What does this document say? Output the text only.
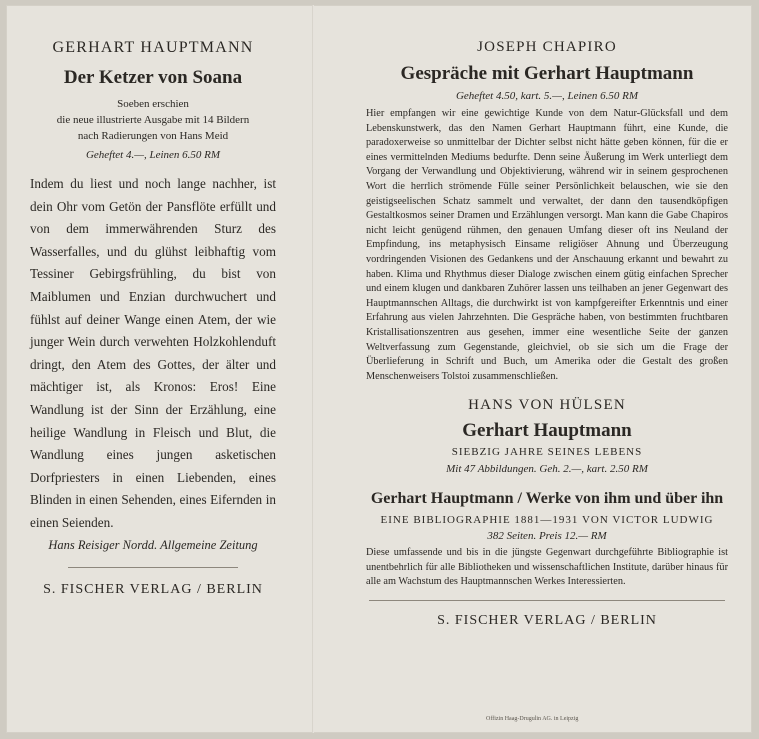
GERHART HAUPTMANN
Der Ketzer von Soana
Soeben erschien
die neue illustrierte Ausgabe mit 14 Bildern
nach Radierungen von Hans Meid
Geheftet 4.—, Leinen 6.50 RM
Indem du liest und noch lange nachher, ist dein Ohr vom Getön der Pansflöte erfüllt und von dem immerwährenden Sturz des Wasserfalles, und du glühst leibhaftig vom Tessiner Gebirgsfrühling, du bist von Maiblumen und Enzian durchwuchert und fühlst auf deiner Wange einen Atem, der wie junger Wein durch verwehten Holzkohlenduft dringt, den Atem des Gottes, der älter und mächtiger ist, als Kronos: Eros! Eine Wandlung ist der Sinn der Erzählung, eine heilige Wandlung in Fleisch und Blut, die Wandlung eines jungen asketischen Dorfpriesters in einen Liebenden, eines Blinden in einen Sehenden, eines Eifernden in einen Seienden.
Hans Reisiger Nordd. Allgemeine Zeitung
S. FISCHER VERLAG / BERLIN
JOSEPH CHAPIRO
Gespräche mit Gerhart Hauptmann
Geheftet 4.50, kart. 5.—, Leinen 6.50 RM
Hier empfangen wir eine gewichtige Kunde von dem Natur-Glücksfall und dem Lebenskunstwerk, das den Namen Gerhart Hauptmann führt, eine Kunde, die paradoxerweise so unmittelbar der Dichter selbst nicht hätte geben können, für die er eines vermittelnden Mediums bedurfte. Denn seine Äußerung im Werk unterliegt dem Vorgang der Verwandlung und Objektivierung, während wir in seinem gesprochenen Wort die herrlich strömende Fülle seiner Persönlichkeit belauschen, wie sie den geistigseelischen Schatz sammelt und verwaltet, der dann den tausendköpfigen Gestaltkosmos seiner Dramen und Erzählungen versorgt. Man kann die Gabe Chapiros nicht leicht genügend rühmen, den genauen Umfang dieser oft ins Neuland der Empfindung, ins metaphysisch Einsame religiöser Ahnung und Überzeugung vordringenden Visionen des Gedankens und der Anschauung erkannt und bewahrt zu haben. Klima und Rhythmus dieser Dialoge zwischen einem gütig einfachen Sprecher und einem klugen und dankbaren Zuhörer lassen uns teilhaben an jener Gegenwart des Hauptmannschen Alltags, die durchwirkt ist von kampfgereifter Erkenntnis und einer Erfahrung aus vielen Jahrzehnten. Die Gespräche haben, von bestimmten fruchtbaren Kristallisationszentren aus gesehen, immer eine wesentliche Seite der ganzen Weltverfassung zum Gegenstande, gleichviel, ob sie sich um die Frage der Überlieferung in Schrift und Buch, um Amerika oder die Gestalt des großen Menschenweisers Tolstoi zusammenschließen.
HANS VON HÜLSEN
Gerhart Hauptmann
SIEBZIG JAHRE SEINES LEBENS
Mit 47 Abbildungen. Geh. 2.—, kart. 2.50 RM
Gerhart Hauptmann / Werke von ihm und über ihn
EINE BIBLIOGRAPHIE 1881—1931 VON VICTOR LUDWIG
382 Seiten. Preis 12.— RM
Diese umfassende und bis in die jüngste Gegenwart durchgeführte Bibliographie ist unentbehrlich für alle Bibliotheken und wissenschaftlichen Institute, darüber hinaus für alle am Wachstum des Hauptmannschen Werkes Interessierten.
S. FISCHER VERLAG / BERLIN
Offizin Haag-Drugulin AG. in Leipzig
